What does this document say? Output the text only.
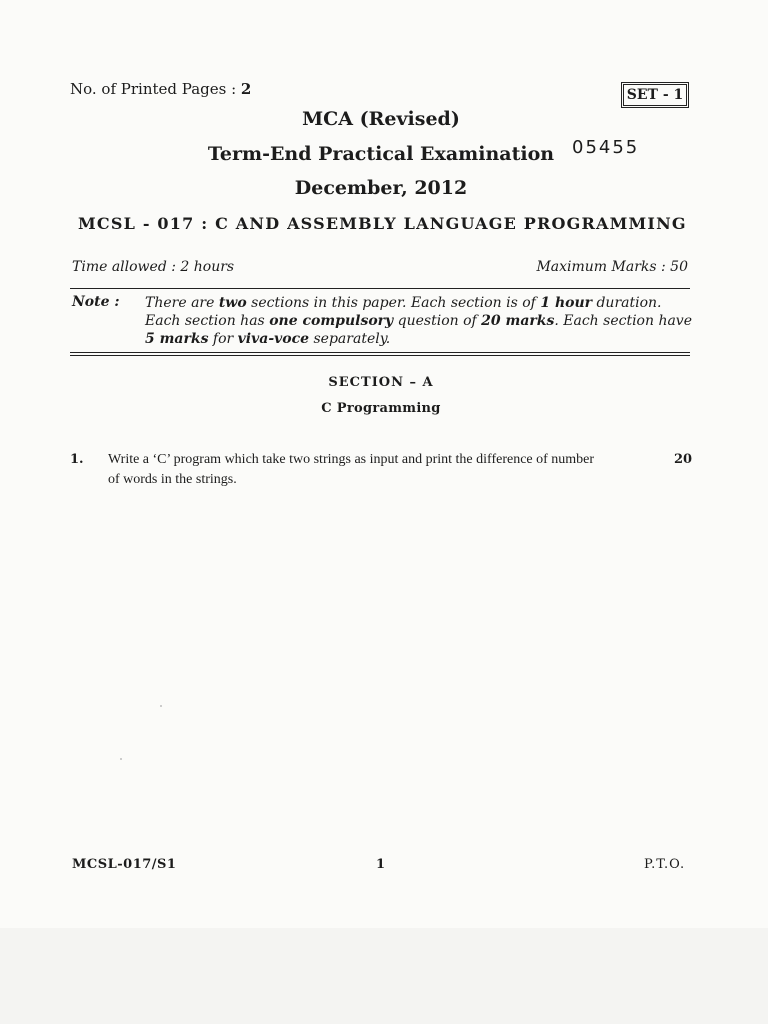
No. of Printed Pages : 2	SET - 1
MCA (Revised)
Term-End Practical Examination 05455
December, 2012
MCSL - 017 : C AND ASSEMBLY LANGUAGE PROGRAMMING
Time allowed : 2 hours	Maximum Marks : 50
Note : There are two sections in this paper. Each section is of 1 hour duration.
Each section has one compulsory question of 20 marks. Each section have
5 marks for viva-voce separately.
SECTION – A
C Programming
1. Write a ‘C’ program which take two strings as input and print the difference of number
of words in the strings.
20
MCSL-017/S1	1	P.T.O.
